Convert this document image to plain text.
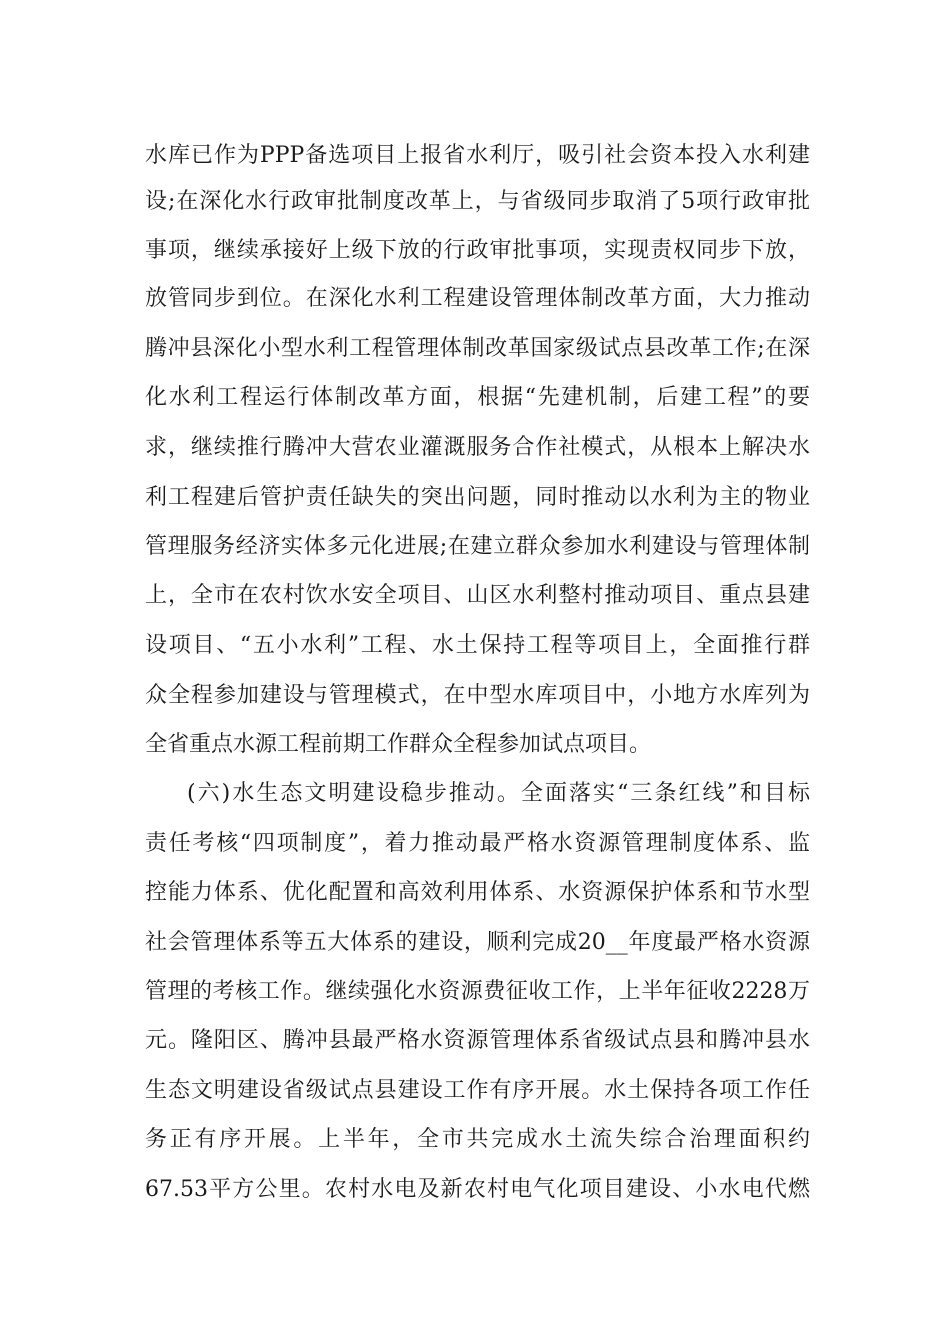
水库已作为PPP备选项目上报省水利厅，吸引社会资本投入水利建
设;在深化水行政审批制度改革上，与省级同步取消了5项行政审批
事项，继续承接好上级下放的行政审批事项，实现责权同步下放，
放管同步到位。在深化水利工程建设管理体制改革方面，大力推动
腾冲县深化小型水利工程管理体制改革国家级试点县改革工作;在深
化水利工程运行体制改革方面，根据“先建机制，后建工程”的要
求，继续推行腾冲大营农业灌溉服务合作社模式，从根本上解决水
利工程建后管护责任缺失的突出问题，同时推动以水利为主的物业
管理服务经济实体多元化进展;在建立群众参加水利建设与管理体制
上，全市在农村饮水安全项目、山区水利整村推动项目、重点县建
设项目、“五小水利”工程、水土保持工程等项目上，全面推行群
众全程参加建设与管理模式，在中型水库项目中，小地方水库列为
全省重点水源工程前期工作群众全程参加试点项目。
(六)水生态文明建设稳步推动。全面落实“三条红线”和目标
责任考核“四项制度”，着力推动最严格水资源管理制度体系、监
控能力体系、优化配置和高效利用体系、水资源保护体系和节水型
社会管理体系等五大体系的建设，顺利完成20__年度最严格水资源
管理的考核工作。继续强化水资源费征收工作，上半年征收2228万
元。隆阳区、腾冲县最严格水资源管理体系省级试点县和腾冲县水
生态文明建设省级试点县建设工作有序开展。水土保持各项工作任
务正有序开展。上半年，全市共完成水土流失综合治理面积约
67.53平方公里。农村水电及新农村电气化项目建设、小水电代燃
